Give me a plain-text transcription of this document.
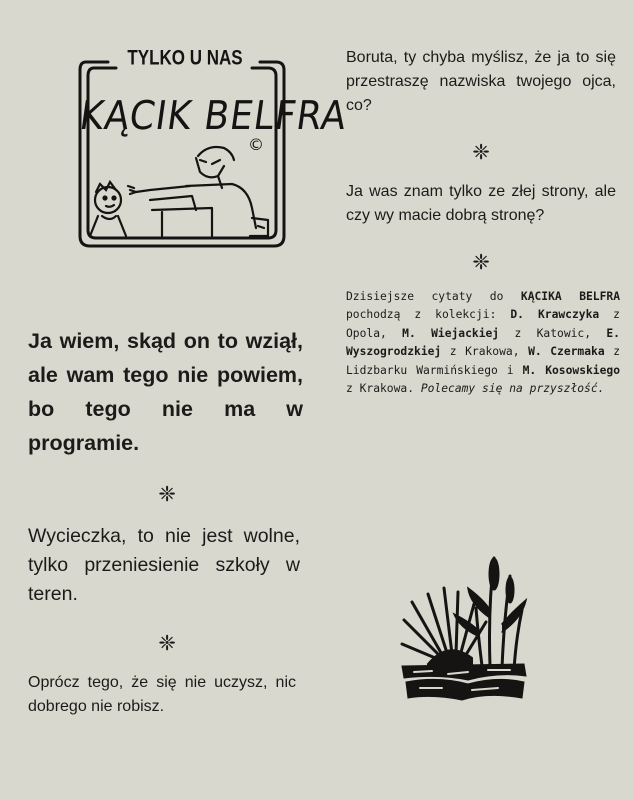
©
TYLKO U NAS
KĄCIK BELFRA
Ja wiem, skąd on to wziął, ale wam tego nie powiem, bo tego nie ma w programie.
❈
Wycieczka, to nie jest wolne, tylko przeniesienie szkoły w teren.
❈
Oprócz tego, że się nie uczysz, nic dobrego nie robisz.
Boruta, ty chyba myślisz, że ja to się przestraszę nazwiska twojego ojca, co?
❈
Ja was znam tylko ze złej strony, ale czy wy macie dobrą stronę?
❈
Dzisiejsze cytaty do KĄCIKA BELFRA pochodzą z kolekcji: D. Krawczyka z Opola, M. Wiejackiej z Katowic, E. Wyszogrodzkiej z Krakowa, W. Czermaka z Lidzbarku Warmińskiego i M. Kosowskiego z Krakowa. Polecamy się na przyszłość.
